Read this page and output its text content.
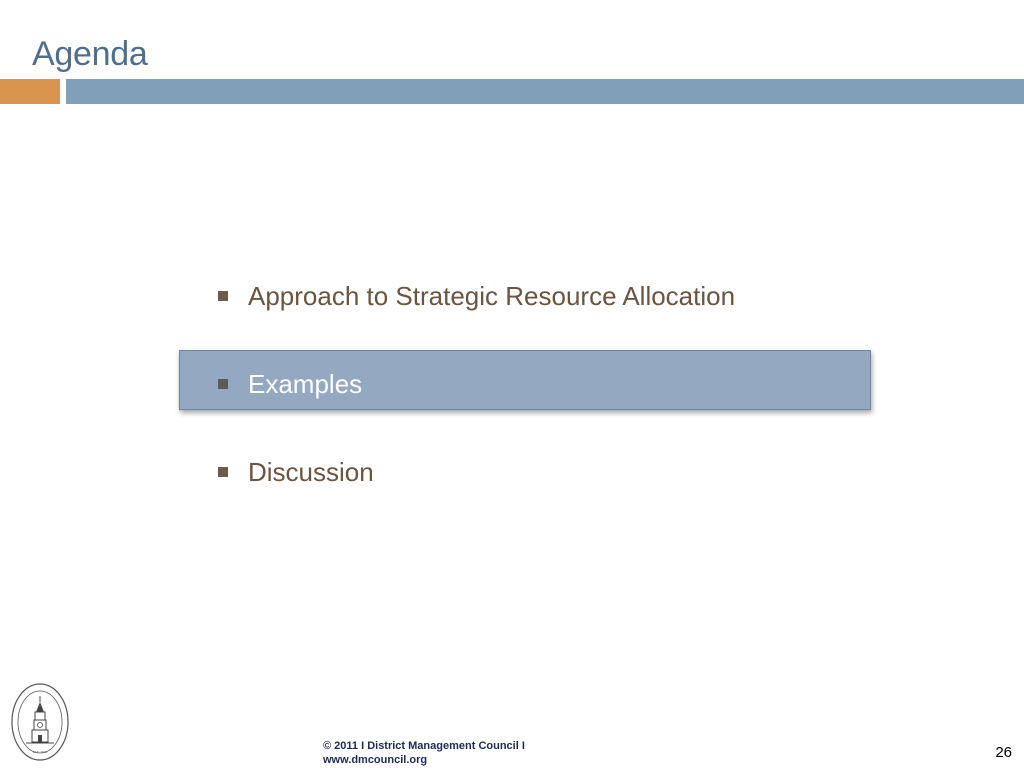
Agenda
Approach to Strategic Resource Allocation
Examples
Discussion
EST. 2004	© 2011 I District Management Council I
www.dmcouncil.org	26
